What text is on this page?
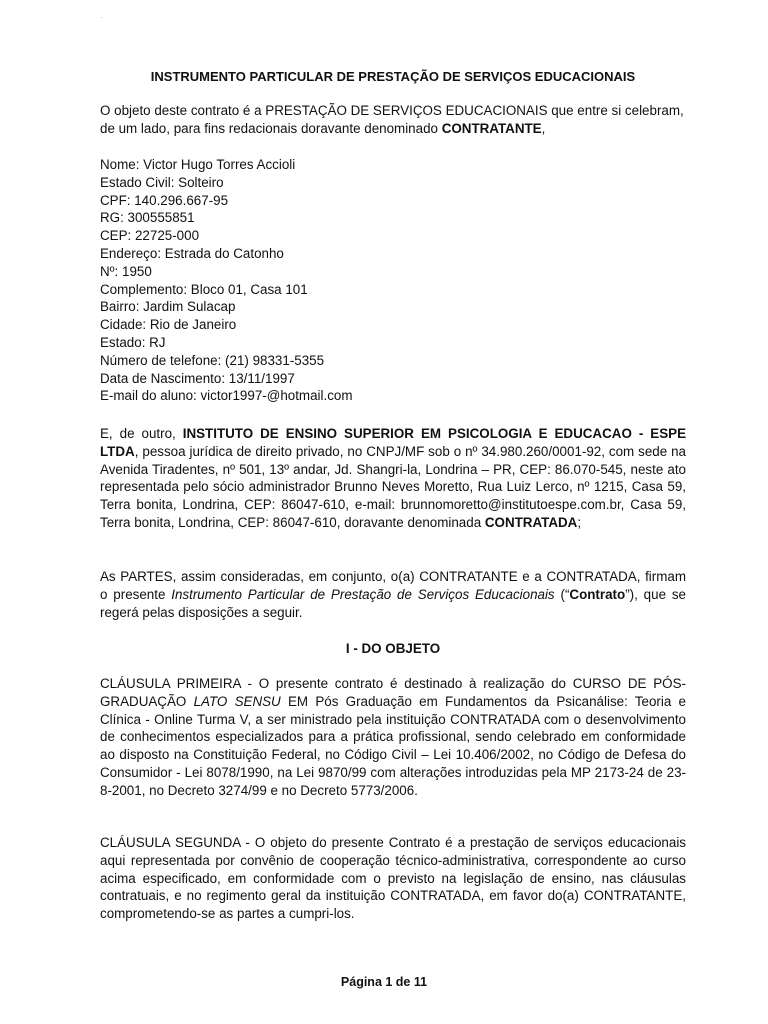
.
INSTRUMENTO PARTICULAR DE PRESTAÇÃO DE SERVIÇOS EDUCACIONAIS
O objeto deste contrato é a PRESTAÇÃO DE SERVIÇOS EDUCACIONAIS que entre si celebram,
de um lado, para fins redacionais doravante denominado CONTRATANTE,
Nome: Victor Hugo Torres Accioli
Estado Civil: Solteiro
CPF: 140.296.667-95
RG: 300555851
CEP: 22725-000
Endereço: Estrada do Catonho
Nº: 1950
Complemento: Bloco 01, Casa 101
Bairro: Jardim Sulacap
Cidade: Rio de Janeiro
Estado: RJ
Número de telefone: (21) 98331-5355
Data de Nascimento: 13/11/1997
E-mail do aluno: victor1997-@hotmail.com
E, de outro, INSTITUTO DE ENSINO SUPERIOR EM PSICOLOGIA E EDUCACAO - ESPE LTDA, pessoa jurídica de direito privado, no CNPJ/MF sob o nº 34.980.260/0001-92, com sede na Avenida Tiradentes, nº 501, 13º andar, Jd. Shangri-la, Londrina – PR, CEP: 86.070-545, neste ato representada pelo sócio administrador Brunno Neves Moretto, Rua Luiz Lerco, nº 1215, Casa 59, Terra bonita, Londrina, CEP: 86047-610, e-mail: brunnomoretto@institutoespe.com.br, Casa 59, Terra bonita, Londrina, CEP: 86047-610, doravante denominada CONTRATADA;
As PARTES, assim consideradas, em conjunto, o(a) CONTRATANTE e a CONTRATADA, firmam o presente Instrumento Particular de Prestação de Serviços Educacionais (“Contrato”), que se regerá pelas disposições a seguir.
I - DO OBJETO
CLÁUSULA PRIMEIRA - O presente contrato é destinado à realização do CURSO DE PÓS-GRADUAÇÃO LATO SENSU EM Pós Graduação em Fundamentos da Psicanálise: Teoria e Clínica - Online Turma V, a ser ministrado pela instituição CONTRATADA com o desenvolvimento de conhecimentos especializados para a prática profissional, sendo celebrado em conformidade ao disposto na Constituição Federal, no Código Civil – Lei 10.406/2002, no Código de Defesa do Consumidor - Lei 8078/1990, na Lei 9870/99 com alterações introduzidas pela MP 2173-24 de 23-8-2001, no Decreto 3274/99 e no Decreto 5773/2006.
CLÁUSULA SEGUNDA - O objeto do presente Contrato é a prestação de serviços educacionais aqui representada por convênio de cooperação técnico-administrativa, correspondente ao curso acima especificado, em conformidade com o previsto na legislação de ensino, nas cláusulas contratuais, e no regimento geral da instituição CONTRATADA, em favor do(a) CONTRATANTE, comprometendo-se as partes a cumpri-los.
Página 1 de 11
